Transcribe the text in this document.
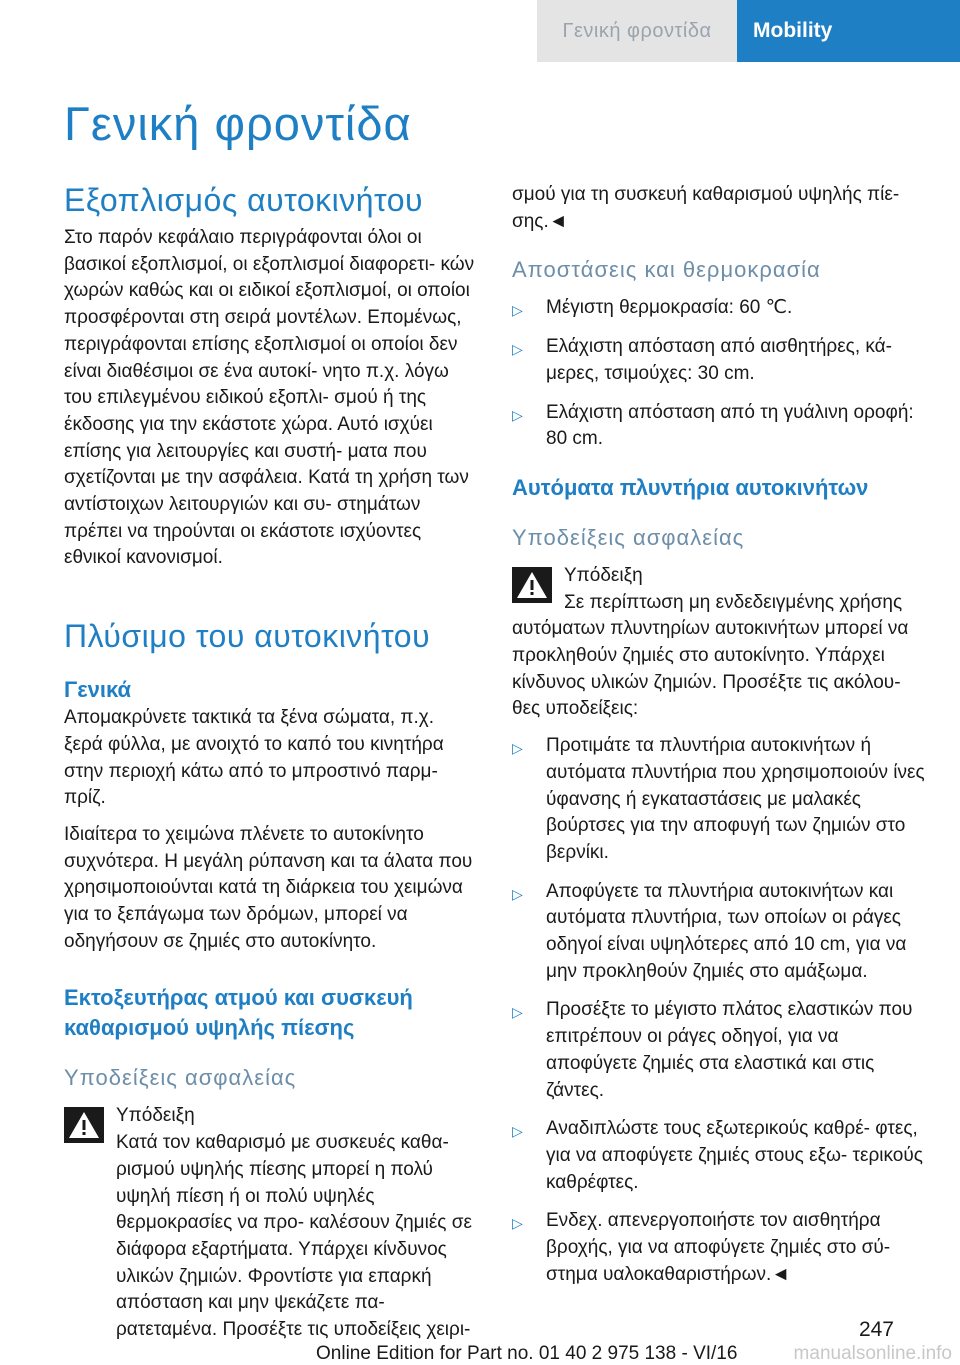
Γενική φροντίδα	Mobility
Γενική φροντίδα
Εξοπλισμός αυτοκινήτου

Στο παρόν κεφάλαιο περιγράφονται όλοι οι βασικοί εξοπλισμοί, οι εξοπλισμοί διαφορετι- κών χωρών καθώς και οι ειδικοί εξοπλισμοί, οι οποίοι προσφέρονται στη σειρά μοντέλων. Επομένως, περιγράφονται επίσης εξοπλισμοί οι οποίοι δεν είναι διαθέσιμοι σε ένα αυτοκί- νητο π.χ. λόγω του επιλεγμένου ειδικού εξοπλι- σμού ή της έκδοσης για την εκάστοτε χώρα. Αυτό ισχύει επίσης για λειτουργίες και συστή- ματα που σχετίζονται με την ασφάλεια. Κατά τη χρήση των αντίστοιχων λειτουργιών και συ- στημάτων πρέπει να τηρούνται οι εκάστοτε ισχύοντες εθνικοί κανονισμοί.

Πλύσιμο του αυτοκινήτου
Γενικά

Απομακρύνετε τακτικά τα ξένα σώματα, π.χ. ξερά φύλλα, με ανοιχτό το καπό του κινητήρα στην περιοχή κάτω από το μπροστινό παρμ- πρίζ.

Ιδιαίτερα το χειμώνα πλένετε το αυτοκίνητο συχνότερα. Η μεγάλη ρύπανση και τα άλατα που χρησιμοποιούνται κατά τη διάρκεια του χειμώνα για το ξεπάγωμα των δρόμων, μπορεί να οδηγήσουν σε ζημιές στο αυτοκίνητο.

Εκτοξευτήρας ατμού και συσκευή καθαρισμού υψηλής πίεσης
Υποδείξεις ασφαλείας
Υπόδειξη
Κατά τον καθαρισμό με συσκευές καθα- ρισμού υψηλής πίεσης μπορεί η πολύ υψηλή πίεση ή οι πολύ υψηλές θερμοκρασίες να προ- καλέσουν ζημιές σε διάφορα εξαρτήματα. Υπάρχει κίνδυνος υλικών ζημιών. Φροντίστε για επαρκή απόσταση και μην ψεκάζετε πα- ρατεταμένα. Προσέξτε τις υποδείξεις χειρι-

σμού για τη συσκευή καθαρισμού υψηλής πίε- σης.◄

Αποστάσεις και θερμοκρασία
▷ Μέγιστη θερμοκρασία: 60 ℃.
▷ Ελάχιστη απόσταση από αισθητήρες, κά- μερες, τσιμούχες: 30 cm.
▷ Ελάχιστη απόσταση από τη γυάλινη οροφή: 80 cm.
Αυτόματα πλυντήρια αυτοκινήτων
Υποδείξεις ασφαλείας
Υπόδειξη
Σε περίπτωση μη ενδεδειγμένης χρήσης
αυτόματων πλυντηρίων αυτοκινήτων μπορεί να προκληθούν ζημιές στο αυτοκίνητο. Υπάρχει κίνδυνος υλικών ζημιών. Προσέξτε τις ακόλου- θες υποδείξεις:
▷ Προτιμάτε τα πλυντήρια αυτοκινήτων ή αυτόματα πλυντήρια που χρησιμοποιούν ίνες ύφανσης ή εγκαταστάσεις με μαλακές βούρτσες για την αποφυγή των ζημιών στο βερνίκι.
▷ Αποφύγετε τα πλυντήρια αυτοκινήτων και αυτόματα πλυντήρια, των οποίων οι ράγες οδηγοί είναι υψηλότερες από 10 cm, για να μην προκληθούν ζημιές στο αμάξωμα.
▷ Προσέξτε το μέγιστο πλάτος ελαστικών που επιτρέπουν οι ράγες οδηγοί, για να αποφύγετε ζημιές στα ελαστικά και στις ζάντες.
▷ Αναδιπλώστε τους εξωτερικούς καθρέ- φτες, για να αποφύγετε ζημιές στους εξω- τερικούς καθρέφτες.
▷ Ενδεχ. απενεργοποιήστε τον αισθητήρα βροχής, για να αποφύγετε ζημιές στο σύ- στημα υαλοκαθαριστήρων.◄
247
Online Edition for Part no. 01 40 2 975 138 - VI/16	manualsonline.info
